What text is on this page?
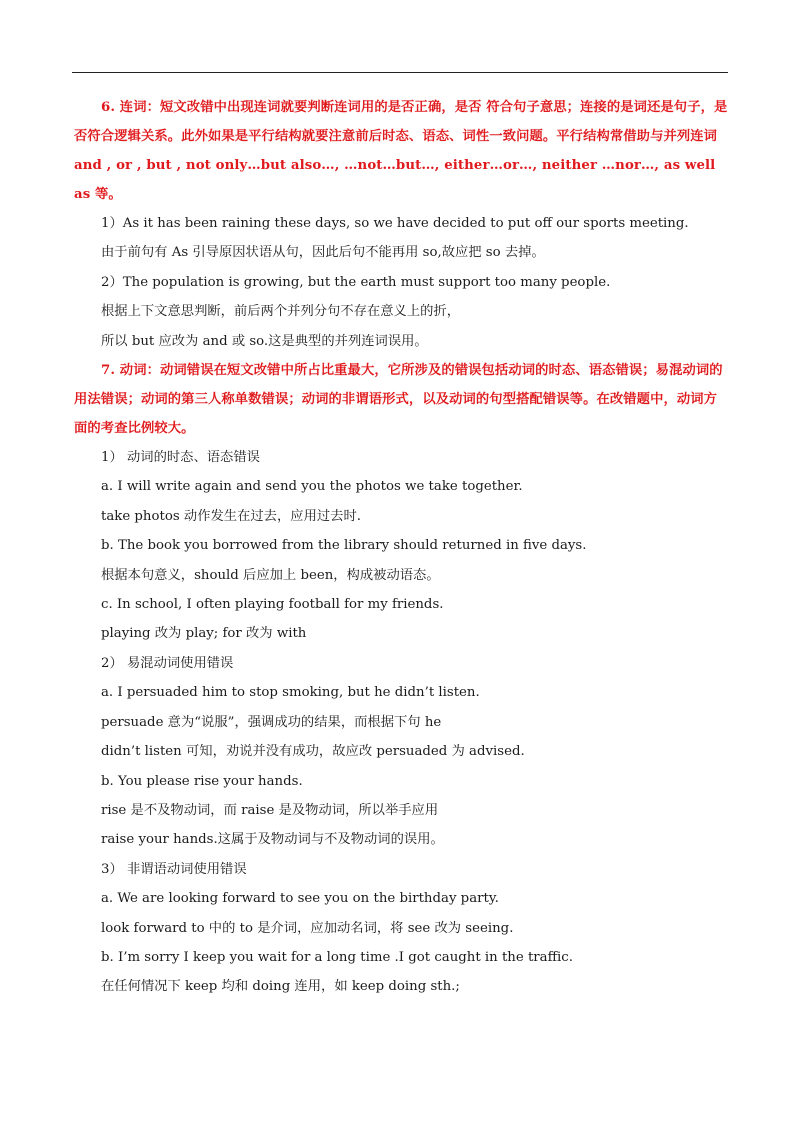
6. 连词：短文改错中出现连词就要判断连词用的是否正确，是否 符合句子意思；连接的是词还是句子，是否符合逻辑关系。此外如果是平行结构就要注意前后时态、语态、词性一致问题。平行结构常借助与并列连词 and , or , but , not only…but also…, …not…but…, either…or…, neither …nor…, as well as 等。

1）As it has been raining these days, so we have decided to put off our sports meeting.

由于前句有 As 引导原因状语从句，因此后句不能再用 so,故应把 so 去掉。

2）The population is growing, but the earth must support too many people.

根据上下文意思判断，前后两个并列分句不存在意义上的折，

所以 but 应改为 and 或 so.这是典型的并列连词误用。

7. 动词：动词错误在短文改错中所占比重最大，它所涉及的错误包括动词的时态、语态错误；易混动词的用法错误；动词的第三人称单数错误；动词的非谓语形式，以及动词的句型搭配错误等。在改错题中，动词方面的考查比例较大。

1） 动词的时态、语态错误

a. I will write again and send you the photos we take together.

take photos 动作发生在过去，应用过去时.

b. The book you borrowed from the library should returned in five days.

根据本句意义，should 后应加上 been，构成被动语态。

c. In school, I often playing football for my friends.

playing 改为 play; for 改为 with

2） 易混动词使用错误

a. I persuaded him to stop smoking, but he didn’t listen.

persuade 意为“说服”，强调成功的结果，而根据下句 he

didn’t listen 可知，劝说并没有成功，故应改 persuaded 为 advised.

b. You please rise your hands.

rise 是不及物动词，而 raise 是及物动词，所以举手应用

raise your hands.这属于及物动词与不及物动词的误用。

3） 非谓语动词使用错误

a. We are looking forward to see you on the birthday party.

look forward to 中的 to 是介词，应加动名词，将 see 改为 seeing.

b. I’m sorry I keep you wait for a long time .I got caught in the traffic.

在任何情况下 keep 均和 doing 连用，如 keep doing sth.;
